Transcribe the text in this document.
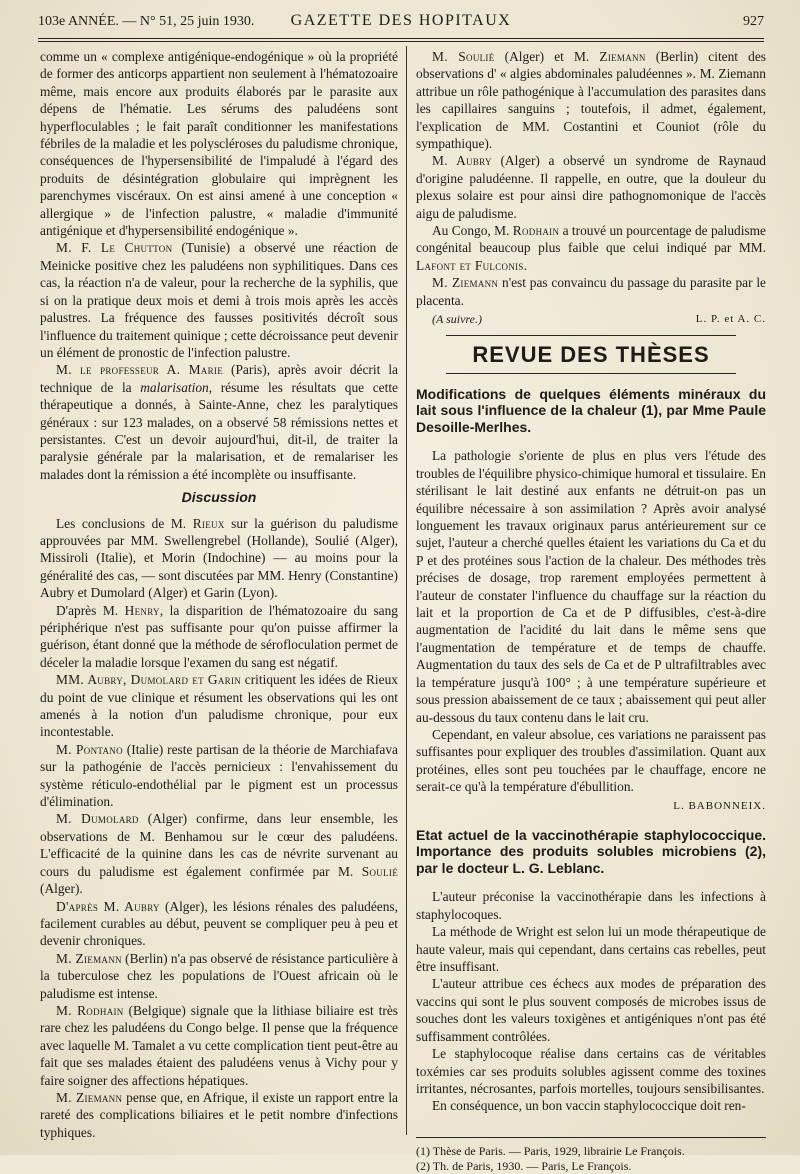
103e ANNÉE. — N° 51, 25 juin 1930.	GAZETTE DES HOPITAUX	927

comme un « complexe antigénique-endogénique » où la propriété de former des anticorps appartient non seulement à l'hématozoaire même, mais encore aux produits élaborés par le parasite aux dépens de l'hématie. Les sérums des paludéens sont hyperfloculables ; le fait paraît conditionner les manifestations fébriles de la maladie et les polyscléroses du paludisme chronique, conséquences de l'hypersensibilité de l'impaludé à l'égard des produits de désintégration globulaire qui imprègnent les parenchymes viscéraux. On est ainsi amené à une conception « allergique » de l'infection palustre, « maladie d'immunité antigénique et d'hypersensibilité endogénique ».

M. F. Le Chutton (Tunisie) a observé une réaction de Meinicke positive chez les paludéens non syphilitiques. Dans ces cas, la réaction n'a de valeur, pour la recherche de la syphilis, que si on la pratique deux mois et demi à trois mois après les accès palustres. La fréquence des fausses positivités décroît sous l'influence du traitement quinique ; cette décroissance peut devenir un élément de pronostic de l'infection palustre.

M. le professeur A. Marie (Paris), après avoir décrit la technique de la malarisation, résume les résultats que cette thérapeutique a donnés, à Sainte-Anne, chez les paralytiques généraux : sur 123 malades, on a observé 58 rémissions nettes et persistantes. C'est un devoir aujourd'hui, dit-il, de traiter la paralysie générale par la malarisation, et de remalariser les malades dont la rémission a été incomplète ou insuffisante.

Discussion

Les conclusions de M. Rieux sur la guérison du paludisme approuvées par MM. Swellengrebel (Hollande), Soulié (Alger), Missiroli (Italie), et Morin (Indochine) — au moins pour la généralité des cas, — sont discutées par MM. Henry (Constantine) Aubry et Dumolard (Alger) et Garin (Lyon).

D'après M. Henry, la disparition de l'hématozoaire du sang périphérique n'est pas suffisante pour qu'on puisse affirmer la guérison, étant donné que la méthode de sérofloculation permet de déceler la maladie lorsque l'examen du sang est négatif.

MM. Aubry, Dumolard et Garin critiquent les idées de Rieux du point de vue clinique et résument les observations qui les ont amenés à la notion d'un paludisme chronique, pour eux incontestable.

M. Pontano (Italie) reste partisan de la théorie de Marchiafava sur la pathogénie de l'accès pernicieux : l'envahissement du système réticulo-endothélial par le pigment est un processus d'élimination.

M. Dumolard (Alger) confirme, dans leur ensemble, les observations de M. Benhamou sur le cœur des paludéens. L'efficacité de la quinine dans les cas de névrite survenant au cours du paludisme est également confirmée par M. Soulié (Alger).

D'après M. Aubry (Alger), les lésions rénales des paludéens, facilement curables au début, peuvent se compliquer peu à peu et devenir chroniques.

M. Ziemann (Berlin) n'a pas observé de résistance particulière à la tuberculose chez les populations de l'Ouest africain où le paludisme est intense.

M. Rodhain (Belgique) signale que la lithiase biliaire est très rare chez les paludéens du Congo belge. Il pense que la fréquence avec laquelle M. Tamalet a vu cette complication tient peut-être au fait que ses malades étaient des paludéens venus à Vichy pour y faire soigner des affections hépatiques.

M. Ziemann pense que, en Afrique, il existe un rapport entre la rareté des complications biliaires et le petit nombre d'infections typhiques.

M. Soulié (Alger) et M. Ziemann (Berlin) citent des observations d' « algies abdominales paludéennes ». M. Ziemann attribue un rôle pathogénique à l'accumulation des parasites dans les capillaires sanguins ; toutefois, il admet, également, l'explication de MM. Costantini et Couniot (rôle du sympathique).

M. Aubry (Alger) a observé un syndrome de Raynaud d'origine paludéenne. Il rappelle, en outre, que la douleur du plexus solaire est pour ainsi dire pathognomonique de l'accès aigu de paludisme.

Au Congo, M. Rodhain a trouvé un pourcentage de paludisme congénital beaucoup plus faible que celui indiqué par MM. Lafont et Fulconis.

M. Ziemann n'est pas convaincu du passage du parasite par le placenta.

(A suivre.)	L. P. et A. C.
REVUE DES THÈSES

Modifications de quelques éléments minéraux du lait sous l'influence de la chaleur (1), par Mme Paule Desoille-Merlhes.

La pathologie s'oriente de plus en plus vers l'étude des troubles de l'équilibre physico-chimique humoral et tissulaire. En stérilisant le lait destiné aux enfants ne détruit-on pas un équilibre nécessaire à son assimilation ? Après avoir analysé longuement les travaux originaux parus antérieurement sur ce sujet, l'auteur a cherché quelles étaient les variations du Ca et du P et des protéines sous l'action de la chaleur. Des méthodes très précises de dosage, trop rarement employées permettent à l'auteur de constater l'influence du chauffage sur la réaction du lait et la proportion de Ca et de P diffusibles, c'est-à-dire augmentation de l'acidité du lait dans le même sens que l'augmentation de température et de temps de chauffe. Augmentation du taux des sels de Ca et de P ultrafiltrables avec la température jusqu'à 100° ; à une température supérieure et sous pression abaissement de ce taux ; abaissement qui peut aller au-dessous du taux contenu dans le lait cru.

Cependant, en valeur absolue, ces variations ne paraissent pas suffisantes pour expliquer des troubles d'assimilation. Quant aux protéines, elles sont peu touchées par le chauffage, encore ne serait-ce qu'à la température d'ébullition.

L. BABONNEIX.

Etat actuel de la vaccinothérapie staphylococcique. Importance des produits solubles microbiens (2), par le docteur L. G. Leblanc.

L'auteur préconise la vaccinothérapie dans les infections à staphylocoques.

La méthode de Wright est selon lui un mode thérapeutique de haute valeur, mais qui cependant, dans certains cas rebelles, peut être insuffisant.

L'auteur attribue ces échecs aux modes de préparation des vaccins qui sont le plus souvent composés de microbes issus de souches dont les valeurs toxigènes et antigéniques n'ont pas été suffisamment contrôlées.

Le staphylocoque réalise dans certains cas de véritables toxémies car ses produits solubles agissent comme des toxines irritantes, nécrosantes, parfois mortelles, toujours sensibilisantes.

En conséquence, un bon vaccin staphylococcique doit ren-

(1) Thèse de Paris. — Paris, 1929, librairie Le François.

(2) Th. de Paris, 1930. — Paris, Le François.
